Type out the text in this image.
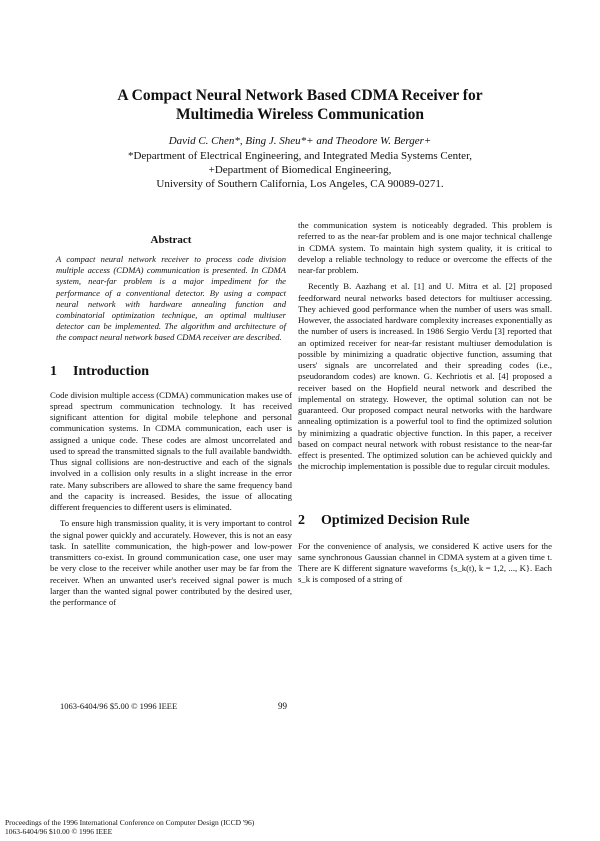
A Compact Neural Network Based CDMA Receiver for
Multimedia Wireless Communication
David C. Chen*, Bing J. Sheu*+ and Theodore W. Berger+
*Department of Electrical Engineering, and Integrated Media Systems Center,
+Department of Biomedical Engineering,
University of Southern California, Los Angeles, CA 90089-0271.
Abstract

A compact neural network receiver to process code division multiple access (CDMA) communication is presented. In CDMA system, near-far problem is a major impediment for the performance of a conventional detector. By using a compact neural network with hardware annealing function and combinatorial optimization technique, an optimal multiuser detector can be implemented. The algorithm and architecture of the compact neural network based CDMA receiver are described.

1 Introduction

Code division multiple access (CDMA) communication makes use of spread spectrum communication technology. It has received significant attention for digital mobile telephone and personal communication systems. In CDMA communication, each user is assigned a unique code. These codes are almost uncorrelated and used to spread the transmitted signals to the full available bandwidth. Thus signal collisions are non-destructive and each of the signals involved in a collision only results in a slight increase in the error rate. Many subscribers are allowed to share the same frequency band and the capacity is increased. Besides, the issue of allocating different frequencies to different users is eliminated.

To ensure high transmission quality, it is very important to control the signal power quickly and accurately. However, this is not an easy task. In satellite communication, the high-power and low-power transmitters co-exist. In ground communication case, one user may be very close to the receiver while another user may be far from the receiver. When an unwanted user's received signal power is much larger than the wanted signal power contributed by the desired user, the performance of

the communication system is noticeably degraded. This problem is referred to as the near-far problem and is one major technical challenge in CDMA system. To maintain high system quality, it is critical to develop a reliable technology to reduce or overcome the effects of the near-far problem.

Recently B. Aazhang et al. [1] and U. Mitra et al. [2] proposed feedforward neural networks based detectors for multiuser accessing. They achieved good performance when the number of users was small. However, the associated hardware complexity increases exponentially as the number of users is increased. In 1986 Sergio Verdu [3] reported that an optimized receiver for near-far resistant multiuser demodulation is possible by minimizing a quadratic objective function, assuming that users' signals are uncorrelated and their spreading codes (i.e., pseudorandom codes) are known. G. Kechriotis et al. [4] proposed a receiver based on the Hopfield neural network and described the implemental on strategy. However, the optimal solution can not be guaranteed. Our proposed compact neural networks with the hardware annealing optimization is a powerful tool to find the optimized solution by minimizing a quadratic objective function. In this paper, a receiver based on compact neural network with robust resistance to the near-far effect is presented. The optimized solution can be achieved quickly and the microchip implementation is possible due to regular circuit modules.

2 Optimized Decision Rule

For the convenience of analysis, we considered K active users for the same synchronous Gaussian channel in CDMA system at a given time t. There are K different signature waveforms {s_k(t), k = 1,2, ..., K}. Each s_k is composed of a string of

1063-6404/96 $5.00 © 1996 IEEE	99
Proceedings of the 1996 International Conference on Computer Design (ICCD '96)
1063-6404/96 $10.00 © 1996 IEEE
